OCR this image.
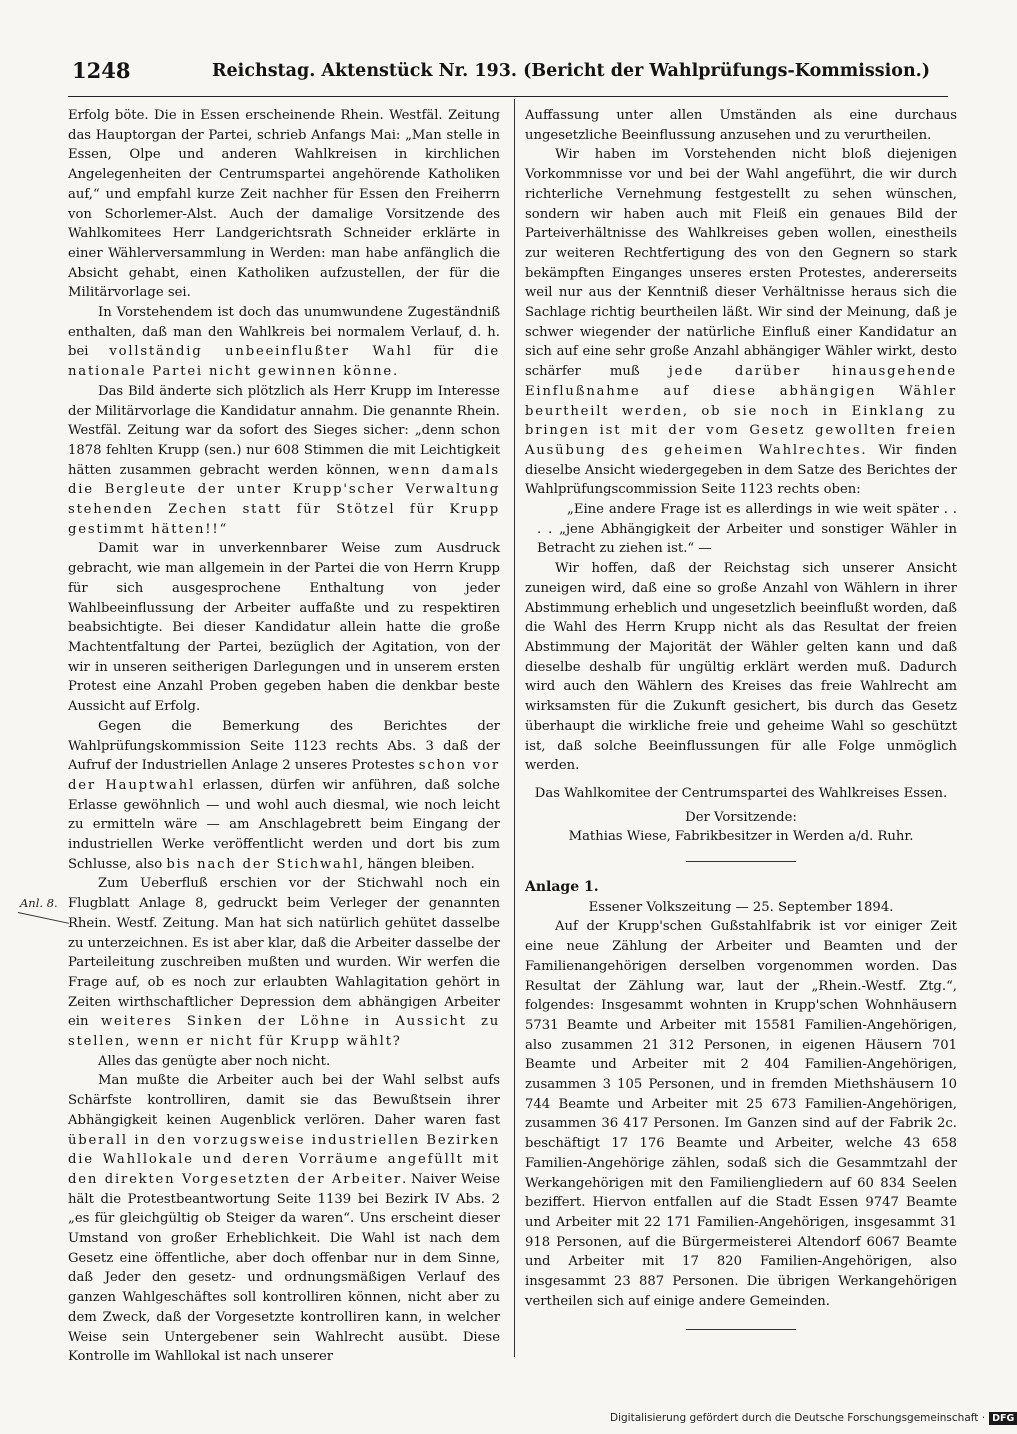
1248	Reichstag. Aktenstück Nr. 193. (Bericht der Wahlprüfungs-Kommission.)
Anl. 8.

Erfolg böte. Die in Essen erscheinende Rhein. Westfäl. Zeitung das Hauptorgan der Partei, schrieb Anfangs Mai: „Man stelle in Essen, Olpe und anderen Wahlkreisen in kirchlichen Angelegenheiten der Centrumspartei angehörende Katholiken auf,“ und empfahl kurze Zeit nachher für Essen den Freiherrn von Schorlemer-Alst. Auch der damalige Vorsitzende des Wahlkomitees Herr Landgerichtsrath Schneider erklärte in einer Wählerversammlung in Werden: man habe anfänglich die Absicht gehabt, einen Katholiken aufzustellen, der für die Militärvorlage sei.

In Vorstehendem ist doch das unumwundene Zugeständniß enthalten, daß man den Wahlkreis bei normalem Verlauf, d. h. bei vollständig unbeeinflußter Wahl für die nationale Partei nicht gewinnen könne.

Das Bild änderte sich plötzlich als Herr Krupp im Interesse der Militärvorlage die Kandidatur annahm. Die genannte Rhein. Westfäl. Zeitung war da sofort des Sieges sicher: „denn schon 1878 fehlten Krupp (sen.) nur 608 Stimmen die mit Leichtigkeit hätten zusammen gebracht werden können, wenn damals die Bergleute der unter Krupp'scher Verwaltung stehenden Zechen statt für Stötzel für Krupp gestimmt hätten!!“

Damit war in unverkennbarer Weise zum Ausdruck gebracht, wie man allgemein in der Partei die von Herrn Krupp für sich ausgesprochene Enthaltung von jeder Wahlbeeinflussung der Arbeiter auffaßte und zu respektiren beabsichtigte. Bei dieser Kandidatur allein hatte die große Machtentfaltung der Partei, bezüglich der Agitation, von der wir in unseren seitherigen Darlegungen und in unserem ersten Protest eine Anzahl Proben gegeben haben die denkbar beste Aussicht auf Erfolg.

Gegen die Bemerkung des Berichtes der Wahlprüfungskommission Seite 1123 rechts Abs. 3 daß der Aufruf der Industriellen Anlage 2 unseres Protestes schon vor der Hauptwahl erlassen, dürfen wir anführen, daß solche Erlasse gewöhnlich — und wohl auch diesmal, wie noch leicht zu ermitteln wäre — am Anschlagebrett beim Eingang der industriellen Werke veröffentlicht werden und dort bis zum Schlusse, also bis nach der Stichwahl, hängen bleiben.

Zum Ueberfluß erschien vor der Stichwahl noch ein Flugblatt Anlage 8, gedruckt beim Verleger der genannten Rhein. Westf. Zeitung. Man hat sich natürlich gehütet dasselbe zu unterzeichnen. Es ist aber klar, daß die Arbeiter dasselbe der Parteileitung zuschreiben mußten und wurden. Wir werfen die Frage auf, ob es noch zur erlaubten Wahlagitation gehört in Zeiten wirthschaftlicher Depression dem abhängigen Arbeiter ein weiteres Sinken der Löhne in Aussicht zu stellen, wenn er nicht für Krupp wählt?

Alles das genügte aber noch nicht.

Man mußte die Arbeiter auch bei der Wahl selbst aufs Schärfste kontrolliren, damit sie das Bewußtsein ihrer Abhängigkeit keinen Augenblick verlören. Daher waren fast überall in den vorzugsweise industriellen Bezirken die Wahllokale und deren Vorräume angefüllt mit den direkten Vorgesetzten der Arbeiter. Naiver Weise hält die Protestbeantwortung Seite 1139 bei Bezirk IV Abs. 2 „es für gleichgültig ob Steiger da waren“. Uns erscheint dieser Umstand von großer Erheblichkeit. Die Wahl ist nach dem Gesetz eine öffentliche, aber doch offenbar nur in dem Sinne, daß Jeder den gesetz- und ordnungsmäßigen Verlauf des ganzen Wahlgeschäftes soll kontrolliren können, nicht aber zu dem Zweck, daß der Vorgesetzte kontrolliren kann, in welcher Weise sein Untergebener sein Wahlrecht ausübt. Diese Kontrolle im Wahllokal ist nach unserer

Auffassung unter allen Umständen als eine durchaus ungesetzliche Beeinflussung anzusehen und zu verurtheilen.

Wir haben im Vorstehenden nicht bloß diejenigen Vorkommnisse vor und bei der Wahl angeführt, die wir durch richterliche Vernehmung festgestellt zu sehen wünschen, sondern wir haben auch mit Fleiß ein genaues Bild der Parteiverhältnisse des Wahlkreises geben wollen, einestheils zur weiteren Rechtfertigung des von den Gegnern so stark bekämpften Einganges unseres ersten Protestes, andererseits weil nur aus der Kenntniß dieser Verhältnisse heraus sich die Sachlage richtig beurtheilen läßt. Wir sind der Meinung, daß je schwer wiegender der natürliche Einfluß einer Kandidatur an sich auf eine sehr große Anzahl abhängiger Wähler wirkt, desto schärfer muß jede darüber hinausgehende Einflußnahme auf diese abhängigen Wähler beurtheilt werden, ob sie noch in Einklang zu bringen ist mit der vom Gesetz gewollten freien Ausübung des geheimen Wahlrechtes. Wir finden dieselbe Ansicht wiedergegeben in dem Satze des Berichtes der Wahlprüfungscommission Seite 1123 rechts oben:

„Eine andere Frage ist es allerdings in wie weit später . . . . „jene Abhängigkeit der Arbeiter und sonstiger Wähler in Betracht zu ziehen ist.“ —

Wir hoffen, daß der Reichstag sich unserer Ansicht zuneigen wird, daß eine so große Anzahl von Wählern in ihrer Abstimmung erheblich und ungesetzlich beeinflußt worden, daß die Wahl des Herrn Krupp nicht als das Resultat der freien Abstimmung der Majorität der Wähler gelten kann und daß dieselbe deshalb für ungültig erklärt werden muß. Dadurch wird auch den Wählern des Kreises das freie Wahlrecht am wirksamsten für die Zukunft gesichert, bis durch das Gesetz überhaupt die wirkliche freie und geheime Wahl so geschützt ist, daß solche Beeinflussungen für alle Folge unmöglich werden.

Das Wahlkomitee der Centrumspartei des Wahlkreises Essen.

Der Vorsitzende:

Mathias Wiese, Fabrikbesitzer in Werden a/d. Ruhr.

Anlage 1.

Essener Volkszeitung — 25. September 1894.

Auf der Krupp'schen Gußstahlfabrik ist vor einiger Zeit eine neue Zählung der Arbeiter und Beamten und der Familienangehörigen derselben vorgenommen worden. Das Resultat der Zählung war, laut der „Rhein.-Westf. Ztg.“, folgendes: Insgesammt wohnten in Krupp'schen Wohnhäusern 5731 Beamte und Arbeiter mit 15581 Familien-Angehörigen, also zusammen 21 312 Personen, in eigenen Häusern 701 Beamte und Arbeiter mit 2 404 Familien-Angehörigen, zusammen 3 105 Personen, und in fremden Miethshäusern 10 744 Beamte und Arbeiter mit 25 673 Familien-Angehörigen, zusammen 36 417 Personen. Im Ganzen sind auf der Fabrik 2c. beschäftigt 17 176 Beamte und Arbeiter, welche 43 658 Familien-Angehörige zählen, sodaß sich die Gesammtzahl der Werkangehörigen mit den Familiengliedern auf 60 834 Seelen beziffert. Hiervon entfallen auf die Stadt Essen 9747 Beamte und Arbeiter mit 22 171 Familien-Angehörigen, insgesammt 31 918 Personen, auf die Bürgermeisterei Altendorf 6067 Beamte und Arbeiter mit 17 820 Familien-Angehörigen, also insgesammt 23 887 Personen. Die übrigen Werkangehörigen vertheilen sich auf einige andere Gemeinden.

Digitalisierung gefördert durch die Deutsche Forschungsgemeinschaft · DFG
